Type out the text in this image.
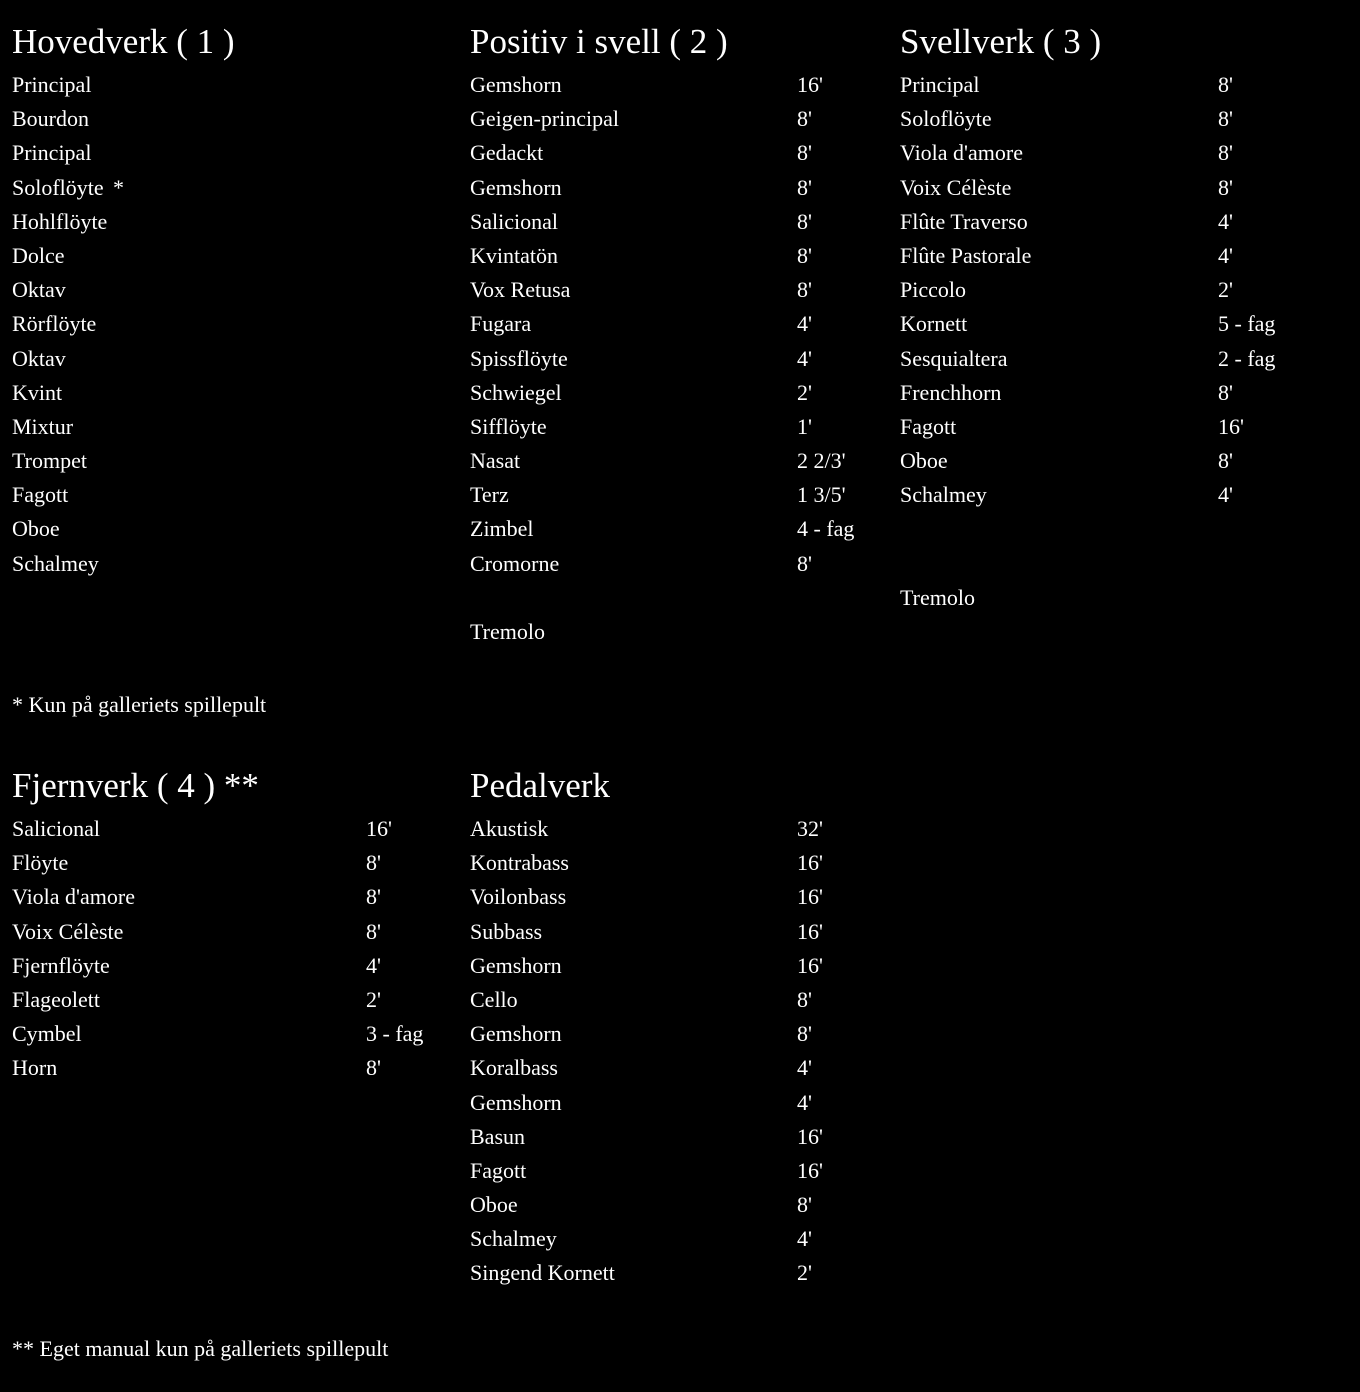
Hovedverk ( 1 )
Principal
Bourdon
Principal
Soloflöyte *
Hohlflöyte
Dolce
Oktav
Rörflöyte
Oktav
Kvint
Mixtur
Trompet
Fagott
Oboe
Schalmey
Positiv i svell ( 2 )
Gemshorn	16'
Geigen-principal	8'
Gedackt	8'
Gemshorn	8'
Salicional	8'
Kvintatön	8'
Vox Retusa	8'
Fugara	4'
Spissflöyte	4'
Schwiegel	2'
Sifflöyte	1'
Nasat	2 2/3'
Terz	1 3/5'
Zimbel	4 - fag
Cromorne	8'
Tremolo
Svellverk ( 3 )
Principal	8'
Soloflöyte	8'
Viola d'amore	8'
Voix Célèste	8'
Flûte Traverso	4'
Flûte Pastorale	4'
Piccolo	2'
Kornett	5 - fag
Sesquialtera	2 - fag
Frenchhorn	8'
Fagott	16'
Oboe	8'
Schalmey	4'
Tremolo
* Kun på galleriets spillepult
Fjernverk ( 4 ) **
Salicional	16'
Flöyte	8'
Viola d'amore	8'
Voix Célèste	8'
Fjernflöyte	4'
Flageolett	2'
Cymbel	3 - fag
Horn	8'
Pedalverk
Akustisk	32'
Kontrabass	16'
Voilonbass	16'
Subbass	16'
Gemshorn	16'
Cello	8'
Gemshorn	8'
Koralbass	4'
Gemshorn	4'
Basun	16'
Fagott	16'
Oboe	8'
Schalmey	4'
Singend Kornett	2'
** Eget manual kun på galleriets spillepult
